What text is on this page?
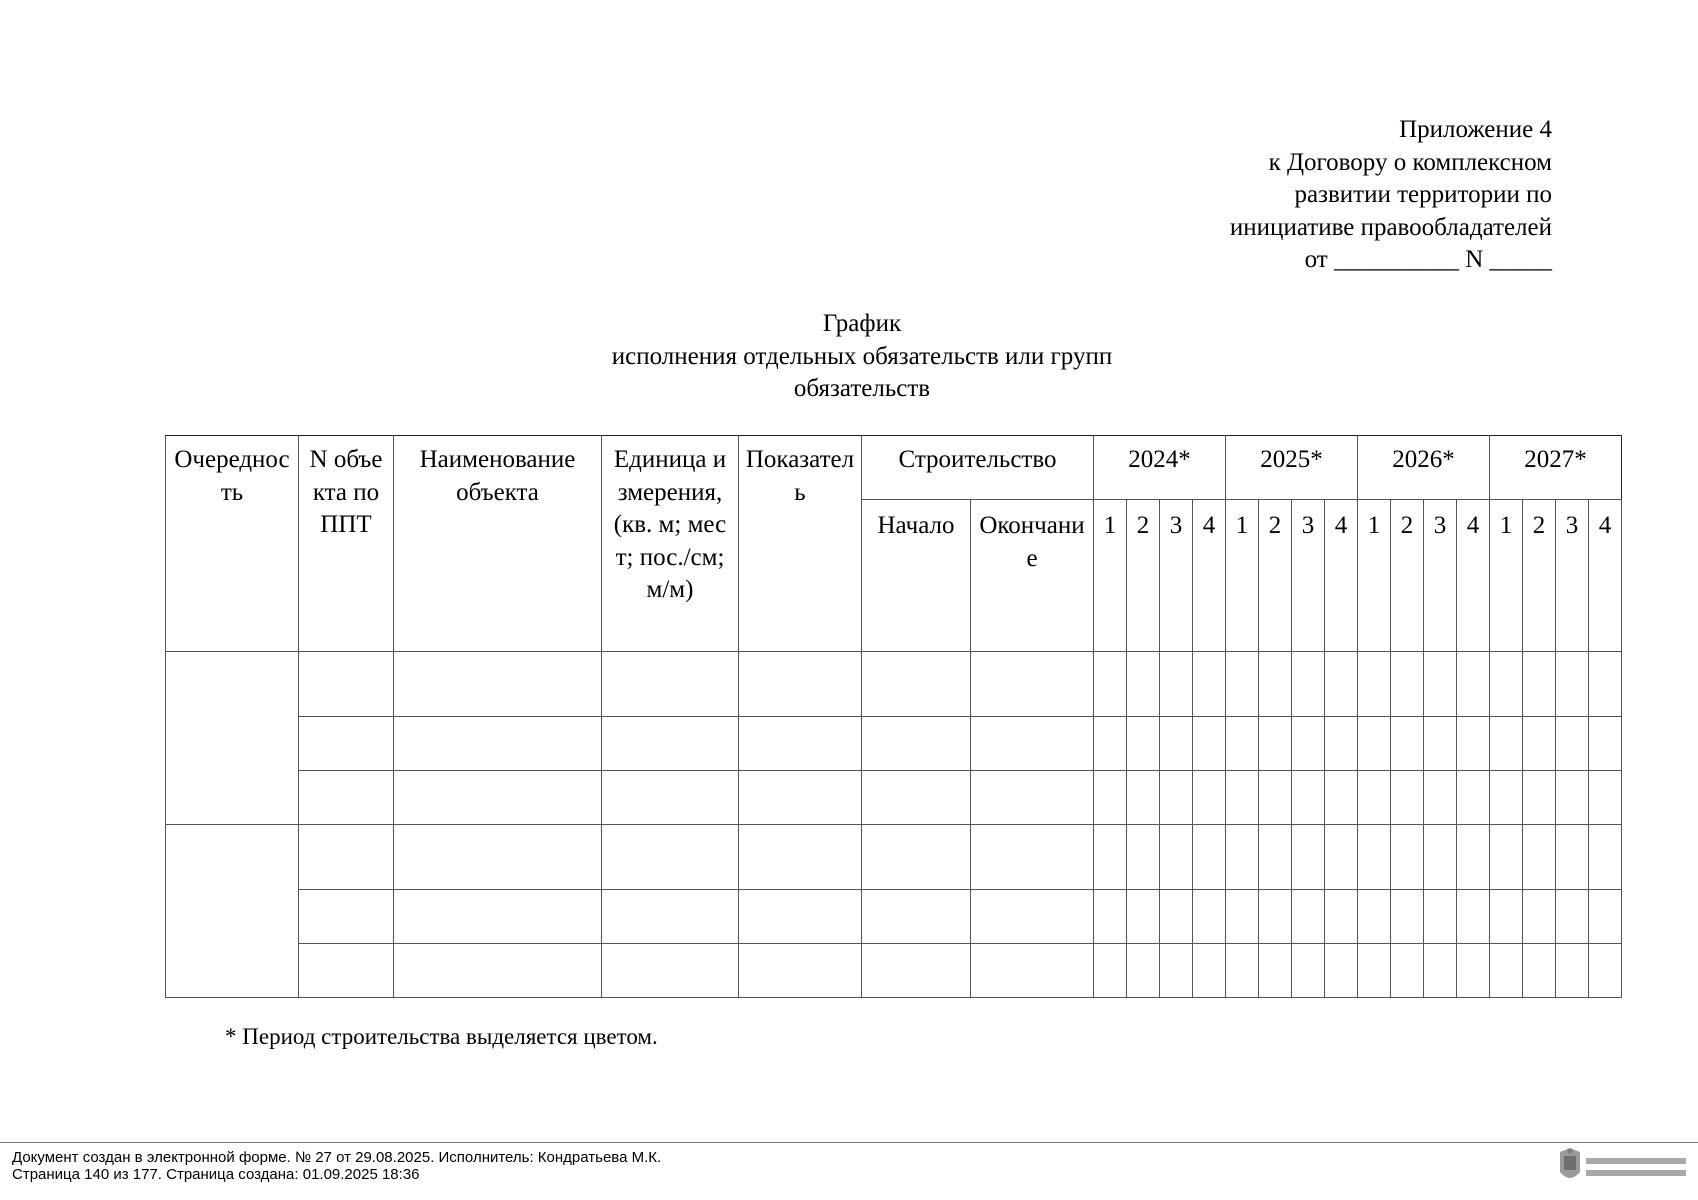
Приложение 4
к Договору о комплексном
развитии территории по
инициативе правообладателей
от __________ N _____
График
исполнения отдельных обязательств или групп
обязательств
Очередность	N объекта по ППТ	Наименование объекта	Единица измерения, (кв. м; мест; пос./см; м/м)	Показатель	Строительство		2024*				2025*				2026*				2027*			
					Начало	Окончание	1	2	3	4	1	2	3	4	1	2	3	4	1	2	3	4

* Период строительства выделяется цветом.
Документ создан в электронной форме. № 27 от 29.08.2025. Исполнитель: Кондратьева М.К.
Страница 140 из 177. Страница создана: 01.09.2025 18:36
